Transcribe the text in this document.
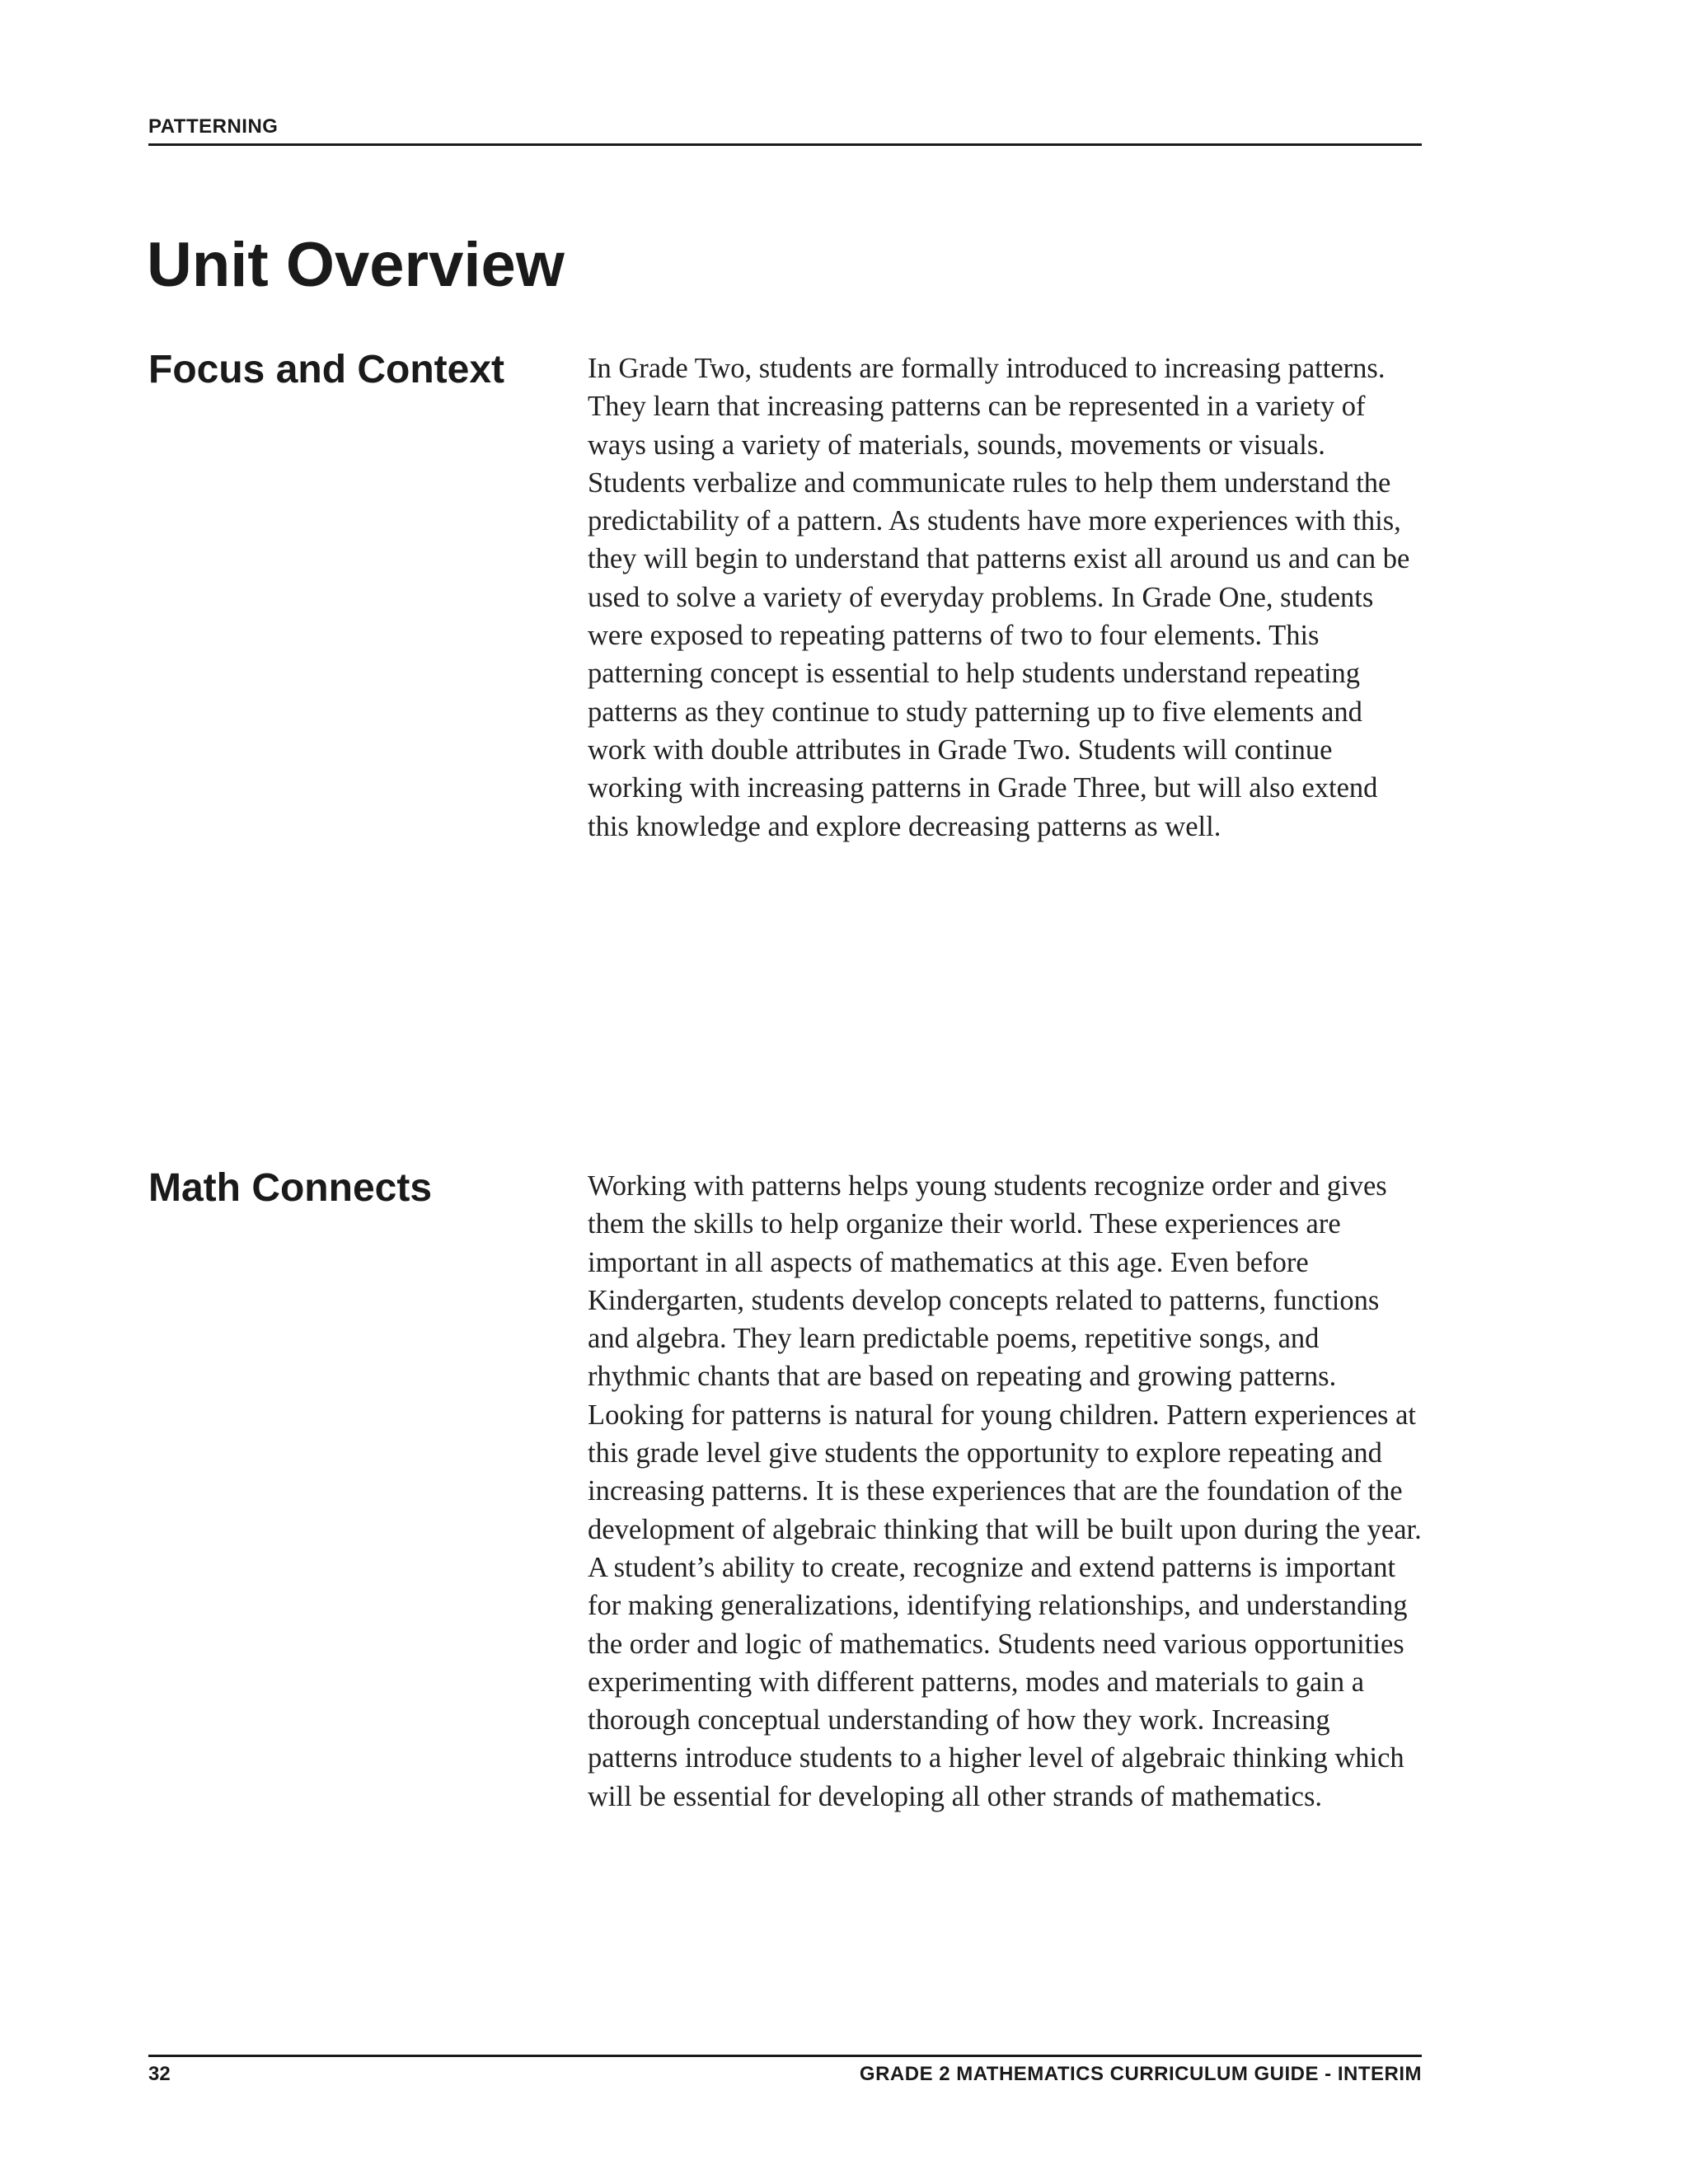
PATTERNING
Unit Overview
Focus and Context	In Grade Two, students are formally introduced to increasing patterns. They learn that increasing patterns can be represented in a variety of ways using a variety of materials, sounds, movements or visuals. Students verbalize and communicate rules to help them understand the predictability of a pattern. As students have more experiences with this, they will begin to understand that patterns exist all around us and can be used to solve a variety of everyday problems. In Grade One, students were exposed to repeating patterns of two to four elements. This patterning concept is essential to help students understand repeating patterns as they continue to study patterning up to five elements and work with double attributes in Grade Two. Students will continue working with increasing patterns in Grade Three, but will also extend this knowledge and explore decreasing patterns as well.

Math Connects	Working with patterns helps young students recognize order and gives them the skills to help organize their world. These experiences are important in all aspects of mathematics at this age. Even before Kindergarten, students develop concepts related to patterns, functions and algebra. They learn predictable poems, repetitive songs, and rhythmic chants that are based on repeating and growing patterns. Looking for patterns is natural for young children. Pattern experiences at this grade level give students the opportunity to explore repeating and increasing patterns. It is these experiences that are the foundation of the development of algebraic thinking that will be built upon during the year. A student’s ability to create, recognize and extend patterns is important for making generalizations, identifying relationships, and understanding the order and logic of mathematics. Students need various opportunities experimenting with different patterns, modes and materials to gain a thorough conceptual understanding of how they work. Increasing patterns introduce students to a higher level of algebraic thinking which will be essential for developing all other strands of mathematics.

32	GRADE 2 MATHEMATICS CURRICULUM GUIDE - INTERIM
